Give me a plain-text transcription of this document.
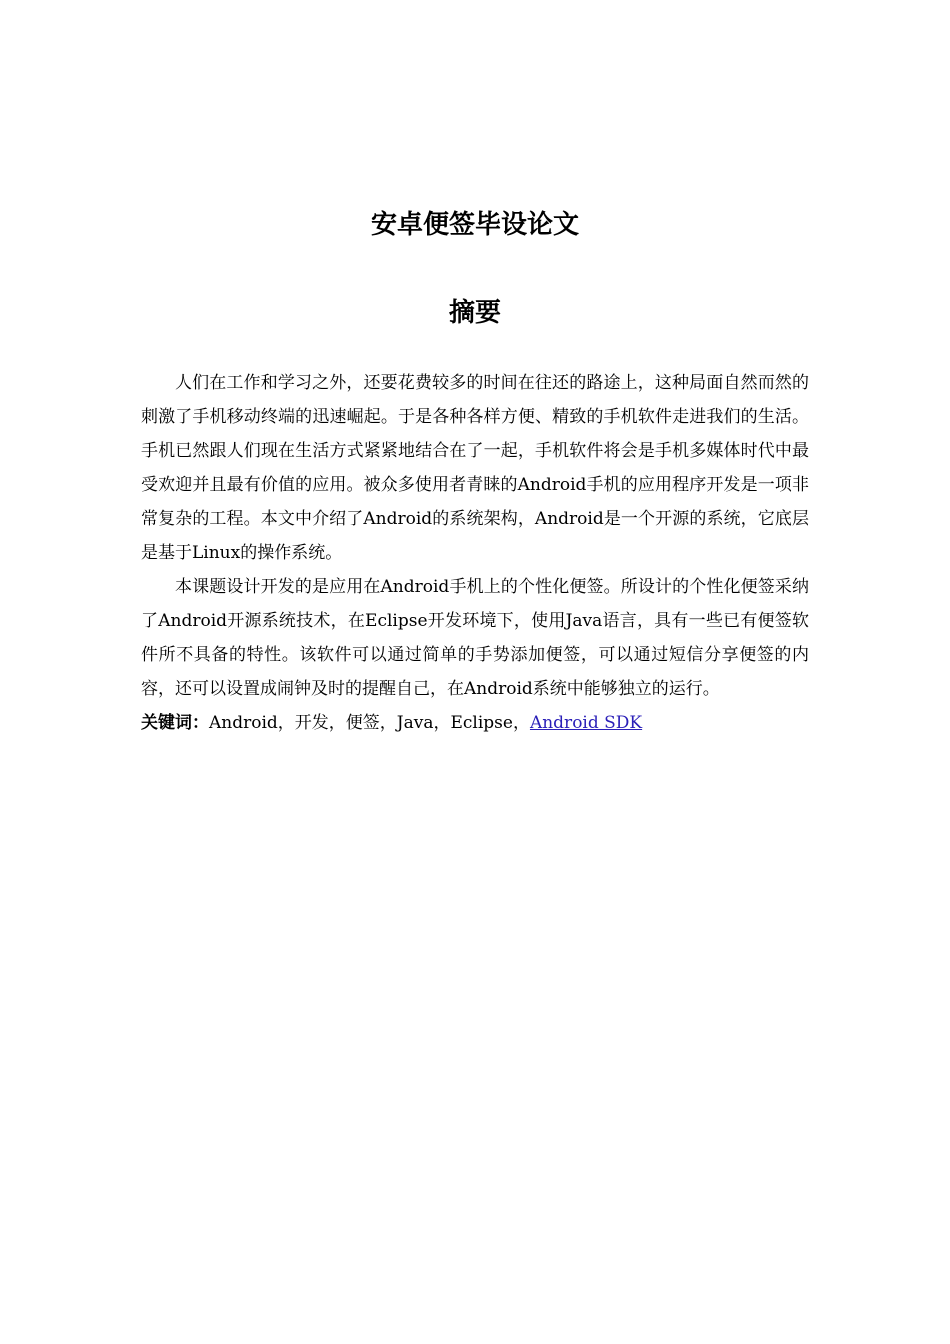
安卓便签毕设论文
摘要

人们在工作和学习之外，还要花费较多的时间在往还的路途上，这种局面自然而然的刺激了手机移动终端的迅速崛起。于是各种各样方便、精致的手机软件走进我们的生活。手机已然跟人们现在生活方式紧紧地结合在了一起，手机软件将会是手机多媒体时代中最受欢迎并且最有价值的应用。被众多使用者青睐的Android手机的应用程序开发是一项非常复杂的工程。本文中介绍了Android的系统架构，Android是一个开源的系统，它底层是基于Linux的操作系统。

本课题设计开发的是应用在Android手机上的个性化便签。所设计的个性化便签采纳了Android开源系统技术，在Eclipse开发环境下，使用Java语言，具有一些已有便签软件所不具备的特性。该软件可以通过简单的手势添加便签，可以通过短信分享便签的内容，还可以设置成闹钟及时的提醒自己，在Android系统中能够独立的运行。

关键词：Android，开发，便签，Java，Eclipse，Android SDK
